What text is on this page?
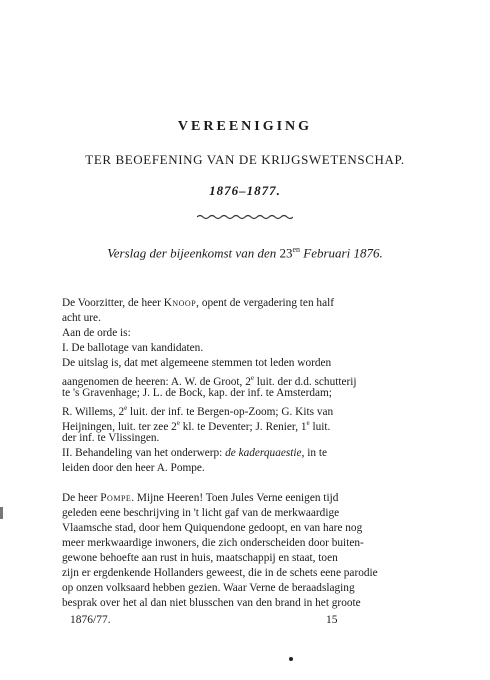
VEREENIGING

TER BEOEFENING VAN DE KRIJGSWETENSCHAP.

1876–1877.

Verslag der bijeenkomst van den $23^{en}$ Februari 1876.

De Voorzitter, de heer Knoop, opent de vergadering ten half

acht ure.

Aan de orde is:

I. De ballotage van kandidaten.

De uitslag is, dat met algemeene stemmen tot leden worden

aangenomen de heeren: A. W. de Groot, 2e luit. der d.d. schutterij

te 's Gravenhage; J. L. de Bock, kap. der inf. te Amsterdam;

R. Willems, 2e luit. der inf. te Bergen-op-Zoom; G. Kits van

Heijningen, luit. ter zee 2e kl. te Deventer; J. Renier, 1e luit.

der inf. te Vlissingen.

II. Behandeling van het onderwerp: de kaderquaestie, in te

leiden door den heer A. Pompe.

De heer Pompe. Mijne Heeren! Toen Jules Verne eenigen tijd

geleden eene beschrijving in 't licht gaf van de merkwaardige

Vlaamsche stad, door hem Quiquendone gedoopt, en van hare nog

meer merkwaardige inwoners, die zich onderscheiden door buiten-

gewone behoefte aan rust in huis, maatschappij en staat, toen

zijn er ergdenkende Hollanders geweest, die in de schets eene parodie

op onzen volksaard hebben gezien. Waar Verne de beraadslaging

besprak over het al dan niet blusschen van den brand in het groote

1876/77.	15
